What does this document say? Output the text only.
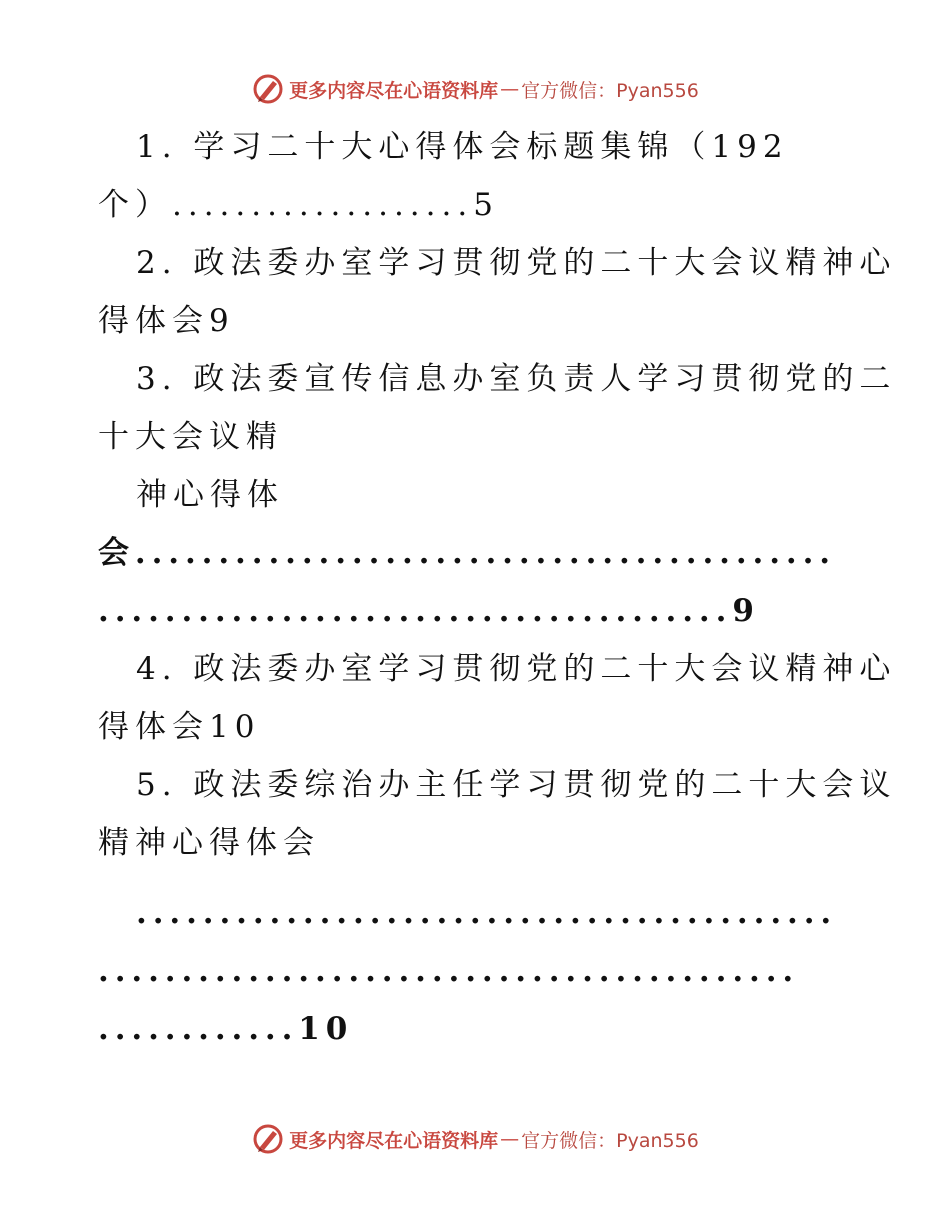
更多内容尽在心语资料库 — 官方微信：Pyan556
1. 学习二十大心得体会标题集锦（192
个）...................5
2. 政法委办室学习贯彻党的二十大会议精神心
得体会9
3. 政法委宣传信息办室负责人学习贯彻党的二
十大会议精
神心得体
会..........................................
......................................9
4. 政法委办室学习贯彻党的二十大会议精神心
得体会10
5. 政法委综治办主任学习贯彻党的二十大会议
精神心得体会
..........................................
..........................................
............10
更多内容尽在心语资料库 — 官方微信：Pyan556
